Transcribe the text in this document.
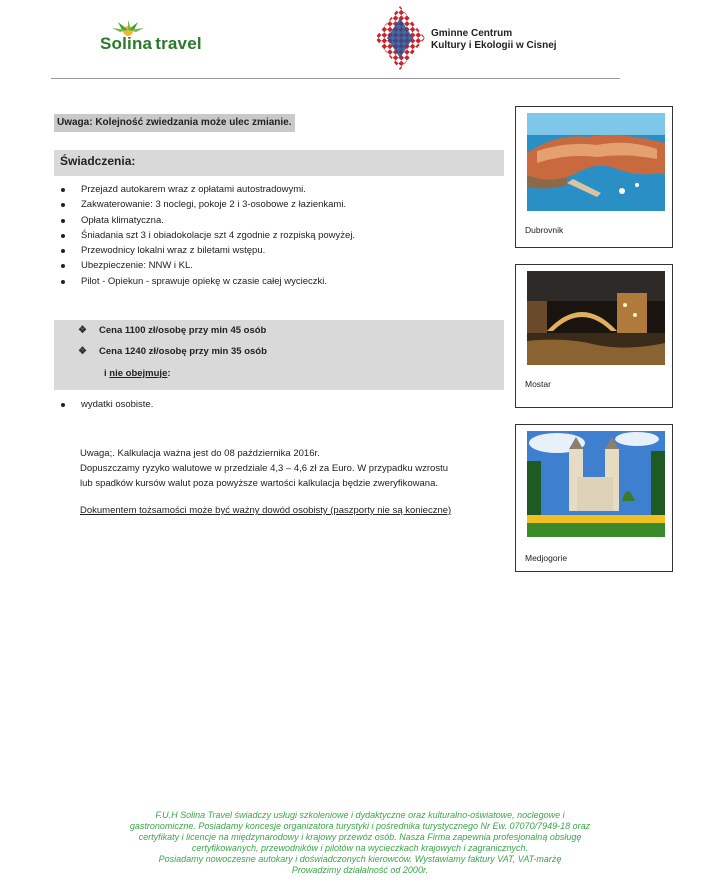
Solina travel
Gminne Centrum
Kultury i Ekologii w Cisnej
Uwaga: Kolejność zwiedzania może ulec zmianie.
Świadczenia:
Przejazd autokarem wraz z opłatami autostradowymi.
Zakwaterowanie: 3 noclegi, pokoje 2 i 3-osobowe z łazienkami.
Opłata klimatyczna.
Śniadania szt 3 i obiadokolacje szt 4 zgodnie z rozpiską powyżej.
Przewodnicy lokalni wraz z biletami wstępu.
Ubezpieczenie: NNW i KL.
Pilot - Opiekun - sprawuje opiekę w czasie całej wycieczki.
❖ Cena 1100 zł/osobę przy min 45 osób
❖ Cena 1240 zł/osobę przy min 35 osób
i nie obejmuje:
wydatki osobiste.
Uwaga;. Kalkulacja ważna jest do 08 października 2016r.
Dopuszczamy ryzyko walutowe w przedziale 4,3 – 4,6 zł za Euro. W przypadku wzrostu
lub spadków kursów walut poza powyższe wartości kalkulacja będzie zweryfikowana.
Dokumentem tożsamości może być ważny dowód osobisty (paszporty nie są konieczne)
Dubrovnik
Mostar
Medjogorie
F.U.H Solina Travel świadczy usługi szkoleniowe i dydaktyczne oraz kulturalno-oświatowe, noclegowe i
gastronomiczne. Posiadamy koncesje organizatora turystyki i pośrednika turystycznego Nr Ew. 07070/7949-18 oraz
certyfikaty i licencje na międzynarodowy i krajowy przewóz osób. Nasza Firma zapewnia profesjonalną obsługę
certyfikowanych, przewodników i pilotów na wycieczkach krajowych i zagranicznych.
Posiadamy nowoczesne autokary i doświadczonych kierowców. Wystawiamy faktury VAT, VAT-marżę
Prowadzimy działalność od 2000r.
